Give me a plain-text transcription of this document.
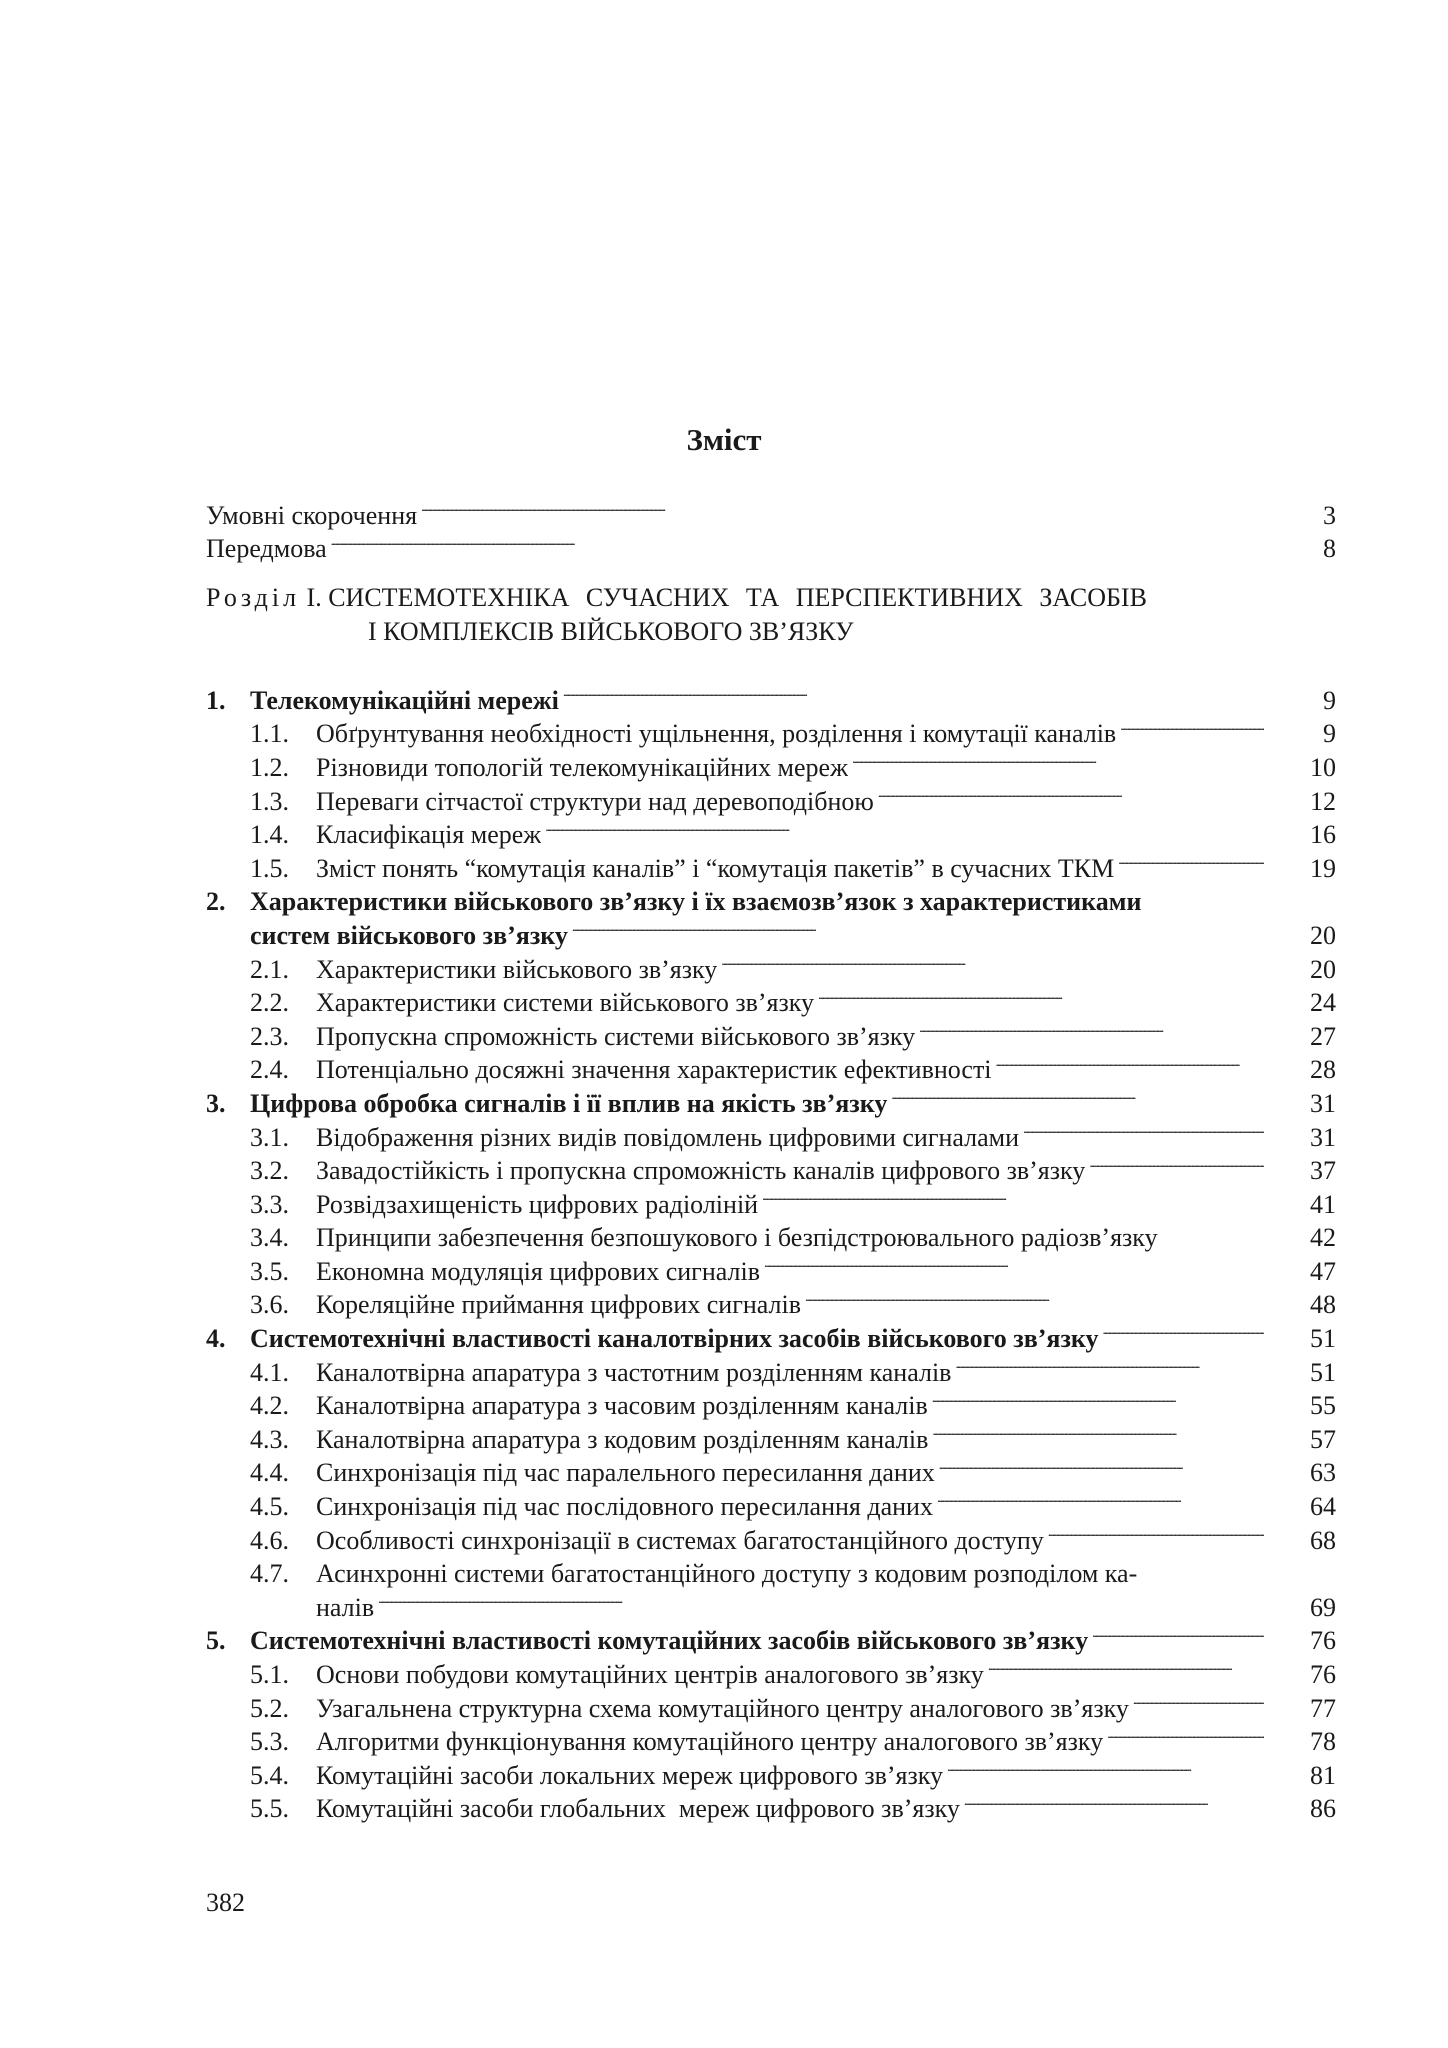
Зміст
Умовні скорочення . . .	3
Передмова . . .	8
Розділ І. СИСТЕМОТЕХНІКА СУЧАСНИХ ТА ПЕРСПЕКТИВНИХ ЗАСОБІВ
І КОМПЛЕКСІВ ВІЙСЬКОВОГО ЗВ’ЯЗКУ
1. Телекомунікаційні мережі . . .	9
1.1.	Обґрунтування необхідності ущільнення, розділення і комутації каналів . . .	9
1.2.	Різновиди топологій телекомунікаційних мереж . . .	10
1.3.	Переваги сітчастої структури над деревоподібною . . .	12
1.4.	Класифікація мереж . . .	16
1.5.	Зміст понять “комутація каналів” і “комутація пакетів” в сучасних ТКМ . . .	19
2. Характеристики військового зв’язку і їх взаємозв’язок з характеристиками
систем військового зв’язку . . .	20
2.1.	Характеристики військового зв’язку . . .	20
2.2.	Характеристики системи військового зв’язку . . .	24
2.3.	Пропускна спроможність системи військового зв’язку . . .	27
2.4.	Потенціально досяжні значення характеристик ефективності . . .	28
3. Цифрова обробка сигналів і її вплив на якість зв’язку . . .	31
3.1.	Відображення різних видів повідомлень цифровими сигналами . . .	31
3.2.	Завадостійкість і пропускна спроможність каналів цифрового зв’язку . . .	37
3.3.	Розвідзахищеність цифрових радіоліній . . .	41
3.4.	Принципи забезпечення безпошукового і безпідстроювального радіозв’язку	42
3.5.	Економна модуляція цифрових сигналів . . .	47
3.6.	Кореляційне приймання цифрових сигналів . . .	48
4. Системотехнічні властивості каналотвірних засобів військового зв’язку . . .	51
4.1.	Каналотвірна апаратура з частотним розділенням каналів . . .	51
4.2.	Каналотвірна апаратура з часовим розділенням каналів . . .	55
4.3.	Каналотвірна апаратура з кодовим розділенням каналів . . .	57
4.4.	Синхронізація під час паралельного пересилання даних . . .	63
4.5.	Синхронізація під час послідовного пересилання даних . . .	64
4.6.	Особливості синхронізації в системах багатостанційного доступу . . .	68
4.7.	Асинхронні системи багатостанційного доступу з кодовим розподілом ка-
налів . . .	69
5. Системотехнічні властивості комутаційних засобів військового зв’язку . . .	76
5.1.	Основи побудови комутаційних центрів аналогового зв’язку . . .	76
5.2.	Узагальнена структурна схема комутаційного центру аналогового зв’язку . . .	77
5.3.	Алгоритми функціонування комутаційного центру аналогового зв’язку . . .	78
5.4.	Комутаційні засоби локальних мереж цифрового зв’язку . . .	81
5.5.	Комутаційні засоби глобальних  мереж цифрового зв’язку . . .	86
382
